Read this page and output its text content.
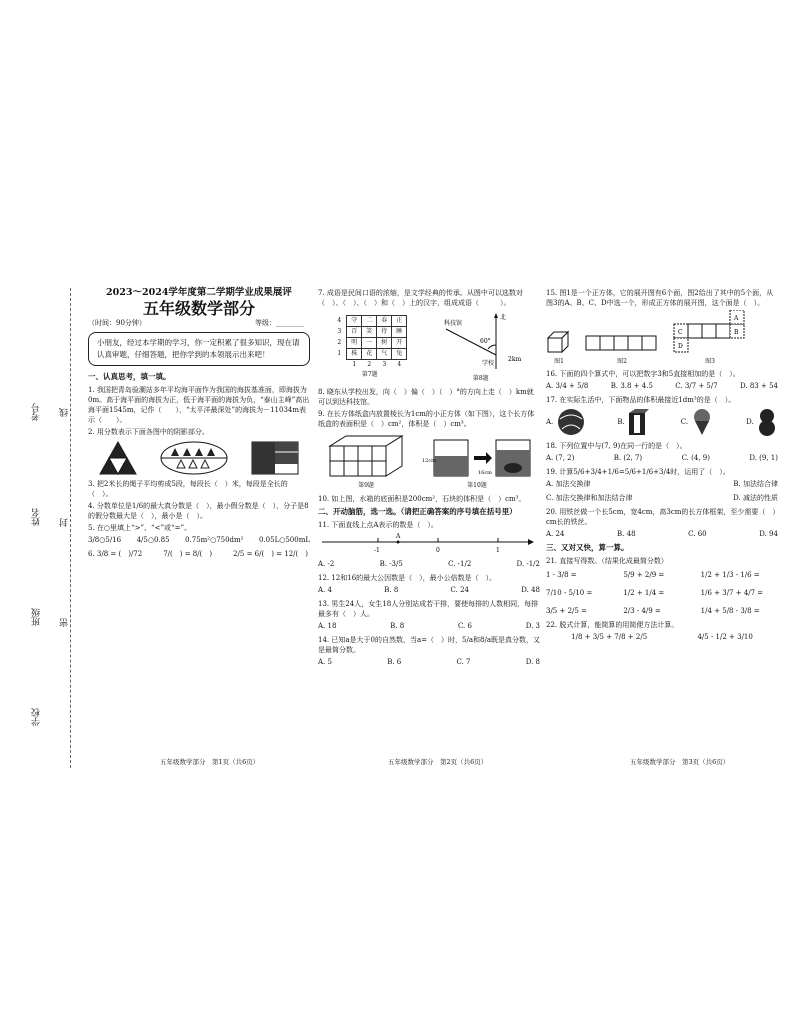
学校
班级
姓名
考号
密
封
线
2023～2024学年度第二学期学业成果展评
五年级数学部分
（时间：90分钟）	等级：________
小朋友，经过本学期的学习，你一定积累了很多知识，现在请认真审题，仔细答题，把你学到的本领展示出来吧！
一、认真思考，填一填。

1. 我国把青岛验潮站多年平均海平面作为我国的海拔基准面，即海拔为0m。高于海平面的海拔为正，低于海平面的海拔为负，“泰山主峰”高出海平面1545m，记作（　　），“太平洋最深处”的海拔为－11034m表示（　　）。

2. 用分数表示下面各图中的阴影部分。

3. 把2米长的绳子平均剪成5段，每段长（　）米，每段是全长的（　）。

4. 分数单位是1/6的最大真分数是（　），最小假分数是（　），分子是8的假分数最大是（　），最小是（　）。

5. 在○里填上“>”、“<”或“=”。

3/8○5/16 4/5○0.85 0.75m²○750dm² 0.05L○500mL

6. 3/8 = (　)/72　　　7/(　) = 8/(　)　　　2/5 = 6/(　) = 12/(　)

7. 成语是民间口语的浓缩，是文学经典的传承。从图中可以选数对（　）、（　）、（　）和（　）上的汉字，组成成语（　　　）。

4	守	二	春	正
3	百	笑	待	睡
2	明	一	树	开
1	株	花	气	兔
	1	2	3	4
第7题
北
科技馆
60°
学校
2km
第8题

8. 晓东从学校出发，向（　）偏（　）（　）°的方向上走（　）km就可以到达科技馆。

9. 在长方体纸盒内放置棱长为1cm的小正方体（如下图），这个长方体纸盒的表面积是（　）cm²，体积是（　）cm³。

第9题
12cm
16cm
第10题

10. 如上图，水箱的底面积是200cm²，石块的体积是（　）cm³。

二、开动脑筋，选一选。（请把正确答案的序号填在括号里）

11. 下面直线上点A表示的数是（　）。

A
-1	0	1
A. -2	B. -3/5	C. -1/2	D. -1/2

12. 12和16的最大公因数是（　），最小公倍数是（　）。

A. 4	B. 8	C. 24	D. 48

13. 男生24人，女生18人分别站成若干排，要使每排的人数相同，每排最多有（　）人。

A. 18	B. 8	C. 6	D. 3

14. 已知a是大于0的自然数，当a=（　）时，5/a和8/a既是真分数，又是最简分数。

A. 5	B. 6	C. 7	D. 8

15. 图1是一个正方体，它的展开图有6个面，图2给出了其中的5个面，从图3的A、B、C、D中选一个，形成正方体的展开图，这个面是（　）。

图1	图2
A
B
C
D
图3

16. 下面的四个算式中，可以把数字3和5直接相加的是（　）。

A. 3/4 + 5/8	B. 3.8 + 4.5	C. 3/7 + 5/7	D. 83 + 54

17. 在实际生活中，下面物品的体积最接近1dm³的是（　）。

A.	B.	C.	D.

18. 下列位置中与(7, 9)在同一行的是（　）。

A. (7, 2)	B. (2, 7)	C. (4, 9)	D. (9, 1)

19. 计算5/6+3/4+1/6=5/6+1/6+3/4时，运用了（　）。

A. 加法交换律	B. 加法结合律
C. 加法交换律和加法结合律	D. 减法的性质

20. 用铁丝做一个长5cm，宽4cm，高3cm的长方体框架，至少需要（　）cm长的铁丝。

A. 24	B. 48	C. 60	D. 94
三、又对又快，算一算。

21. 直接写得数。（结果化成最简分数）

1 - 3/8 =	5/9 + 2/9 =	1/2 + 1/3 - 1/6 =
7/10 - 5/10 =	1/2 + 1/4 =	1/6 + 3/7 + 4/7 =
3/5 + 2/5 =	2/3 - 4/9 =	1/4 + 5/8 - 3/8 =

22. 脱式计算，能简算的用简便方法计算。

1/8 + 3/5 + 7/8 + 2/5	4/5 - 1/2 + 3/10
五年级数学部分　第1页（共6页）	五年级数学部分　第2页（共6页）	五年级数学部分　第3页（共6页）
